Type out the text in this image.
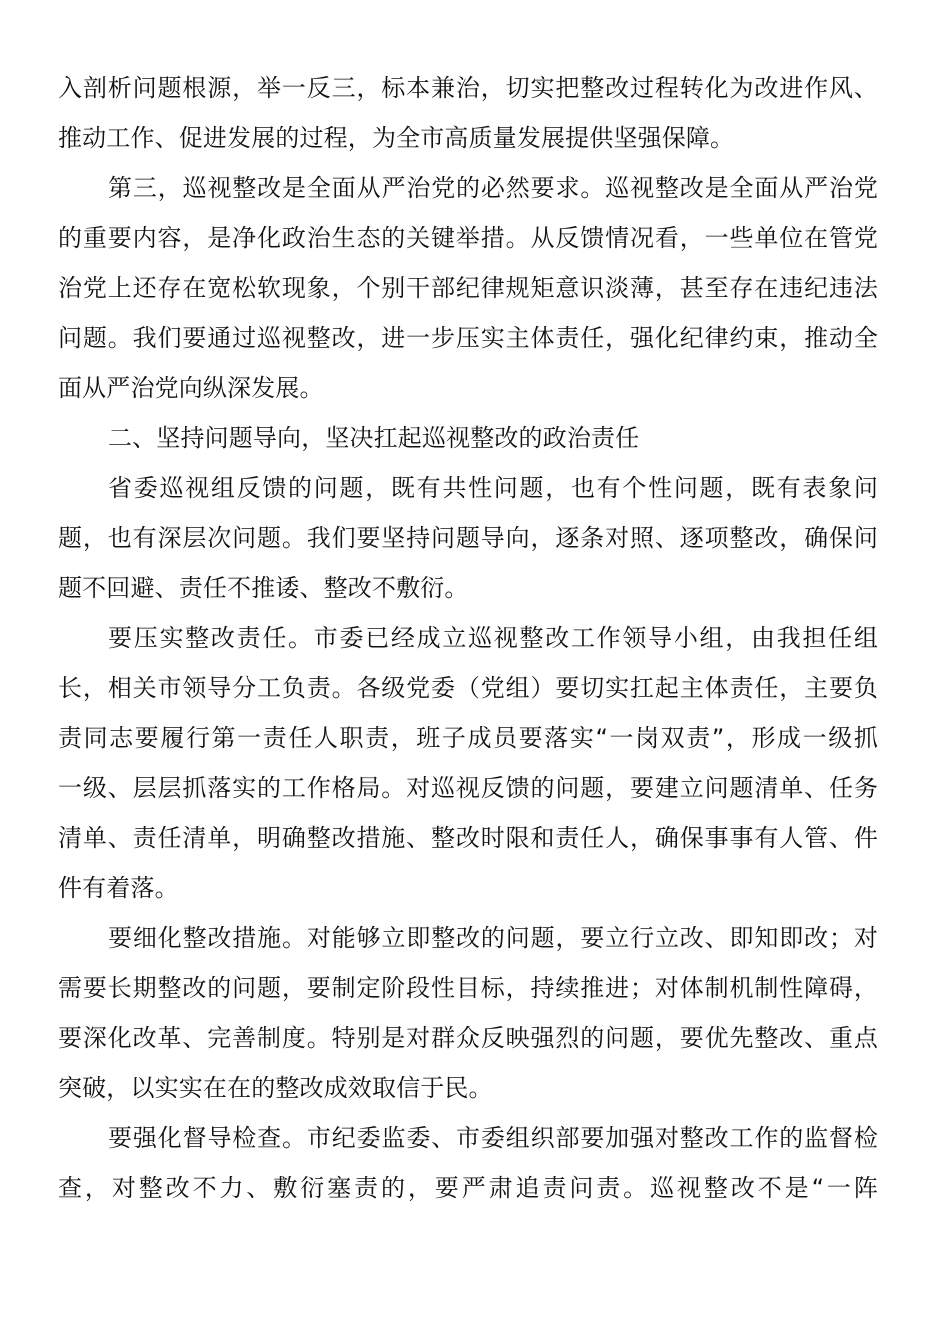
入剖析问题根源，举一反三，标本兼治，切实把整改过程转化为改进作风、
推动工作、促进发展的过程，为全市高质量发展提供坚强保障。
第三，巡视整改是全面从严治党的必然要求。巡视整改是全面从严治党
的重要内容，是净化政治生态的关键举措。从反馈情况看，一些单位在管党
治党上还存在宽松软现象，个别干部纪律规矩意识淡薄，甚至存在违纪违法
问题。我们要通过巡视整改，进一步压实主体责任，强化纪律约束，推动全
面从严治党向纵深发展。
二、坚持问题导向，坚决扛起巡视整改的政治责任
省委巡视组反馈的问题，既有共性问题，也有个性问题，既有表象问
题，也有深层次问题。我们要坚持问题导向，逐条对照、逐项整改，确保问
题不回避、责任不推诿、整改不敷衍。
要压实整改责任。市委已经成立巡视整改工作领导小组，由我担任组
长，相关市领导分工负责。各级党委（党组）要切实扛起主体责任，主要负
责同志要履行第一责任人职责，班子成员要落实“一岗双责”，形成一级抓
一级、层层抓落实的工作格局。对巡视反馈的问题，要建立问题清单、任务
清单、责任清单，明确整改措施、整改时限和责任人，确保事事有人管、件
件有着落。
要细化整改措施。对能够立即整改的问题，要立行立改、即知即改；对
需要长期整改的问题，要制定阶段性目标，持续推进；对体制机制性障碍，
要深化改革、完善制度。特别是对群众反映强烈的问题，要优先整改、重点
突破，以实实在在的整改成效取信于民。
要强化督导检查。市纪委监委、市委组织部要加强对整改工作的监督检
查，对整改不力、敷衍塞责的，要严肃追责问责。巡视整改不是“一阵
